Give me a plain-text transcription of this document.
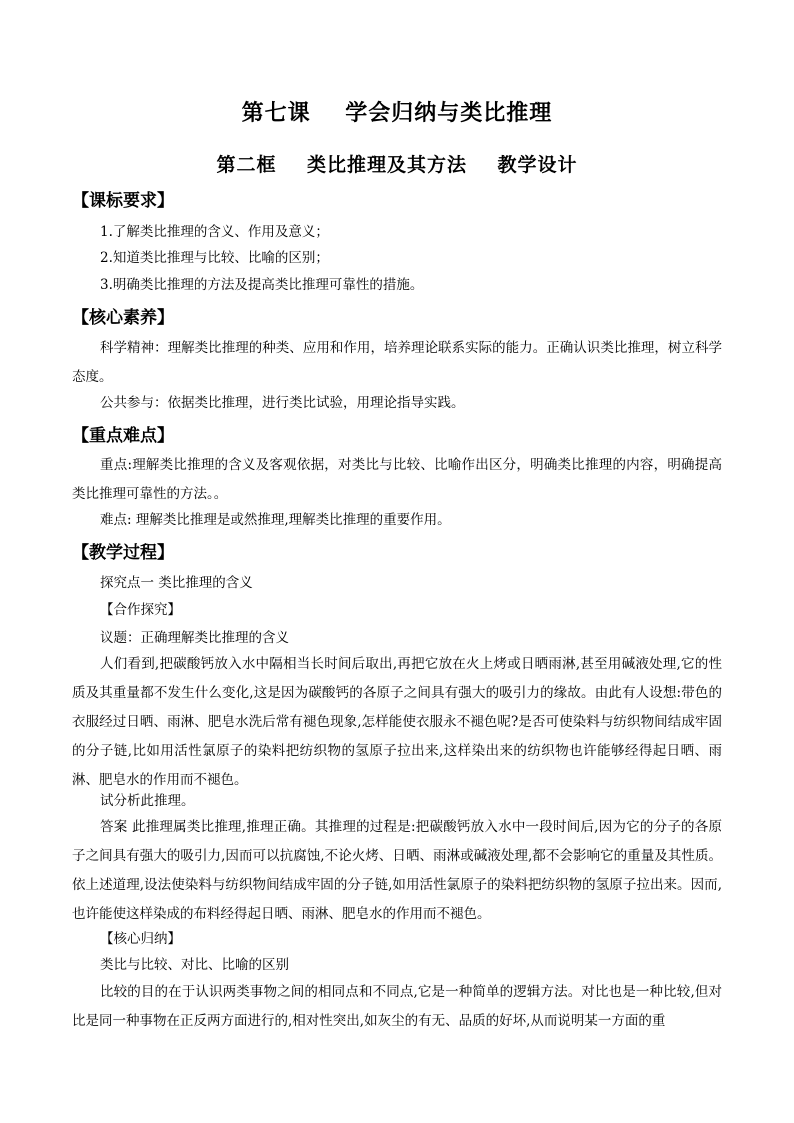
第七课    学会归纳与类比推理
第二框    类比推理及其方法    教学设计
【课标要求】
1.了解类比推理的含义、作用及意义；
2.知道类比推理与比较、比喻的区别；
3.明确类比推理的方法及提高类比推理可靠性的措施。
【核心素养】
科学精神：理解类比推理的种类、应用和作用，培养理论联系实际的能力。正确认识类比推理，树立科学态度。
公共参与：依据类比推理，进行类比试验，用理论指导实践。
【重点难点】
重点:理解类比推理的含义及客观依据，对类比与比较、比喻作出区分，明确类比推理的内容，明确提高类比推理可靠性的方法。。
难点: 理解类比推理是或然推理,理解类比推理的重要作用。
【教学过程】
探究点一 类比推理的含义
【合作探究】
议题：正确理解类比推理的含义
人们看到,把碳酸钙放入水中隔相当长时间后取出,再把它放在火上烤或日晒雨淋,甚至用碱液处理,它的性质及其重量都不发生什么变化,这是因为碳酸钙的各原子之间具有强大的吸引力的缘故。由此有人设想:带色的衣服经过日晒、雨淋、肥皂水洗后常有褪色现象,怎样能使衣服永不褪色呢?是否可使染料与纺织物间结成牢固的分子链,比如用活性氯原子的染料把纺织物的氢原子拉出来,这样染出来的纺织物也许能够经得起日晒、雨淋、肥皂水的作用而不褪色。
试分析此推理。
答案 此推理属类比推理,推理正确。其推理的过程是:把碳酸钙放入水中一段时间后,因为它的分子的各原子之间具有强大的吸引力,因而可以抗腐蚀,不论火烤、日晒、雨淋或碱液处理,都不会影响它的重量及其性质。依上述道理,设法使染料与纺织物间结成牢固的分子链,如用活性氯原子的染料把纺织物的氢原子拉出来。因而,也许能使这样染成的布料经得起日晒、雨淋、肥皂水的作用而不褪色。
【核心归纳】
类比与比较、对比、比喻的区别
比较的目的在于认识两类事物之间的相同点和不同点,它是一种简单的逻辑方法。对比也是一种比较,但对比是同一种事物在正反两方面进行的,相对性突出,如灰尘的有无、品质的好坏,从而说明某一方面的重
